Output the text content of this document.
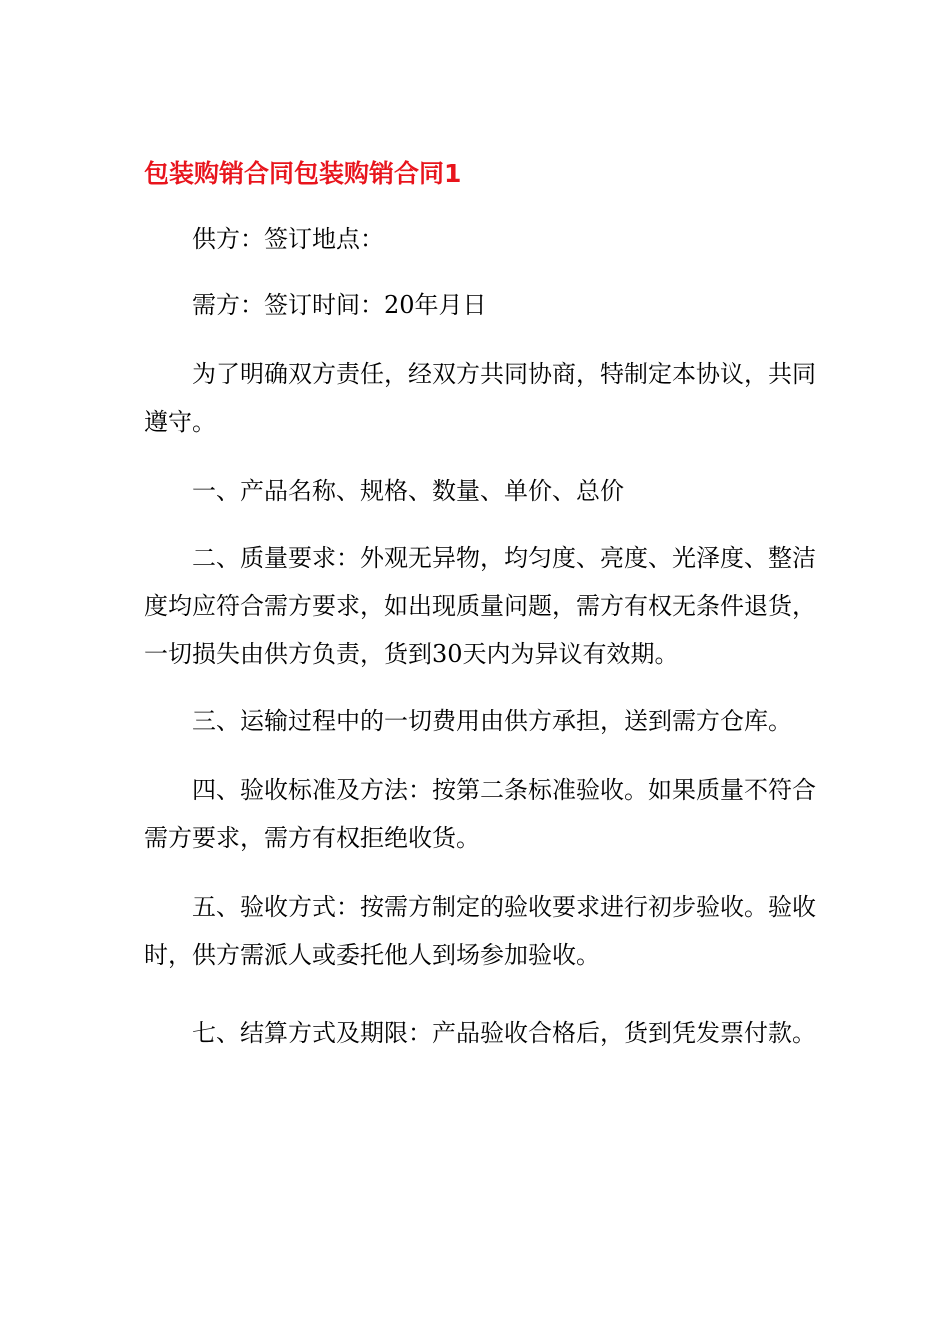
包装购销合同包装购销合同1

供方：签订地点：

需方：签订时间：20年月日

为了明确双方责任，经双方共同协商，特制定本协议，共同遵守。

一、产品名称、规格、数量、单价、总价

二、质量要求：外观无异物，均匀度、亮度、光泽度、整洁度均应符合需方要求，如出现质量问题，需方有权无条件退货，一切损失由供方负责，货到30天内为异议有效期。

三、运输过程中的一切费用由供方承担，送到需方仓库。

四、验收标准及方法：按第二条标准验收。如果质量不符合需方要求，需方有权拒绝收货。

五、验收方式：按需方制定的验收要求进行初步验收。验收时，供方需派人或委托他人到场参加验收。

七、结算方式及期限：产品验收合格后，货到凭发票付款。
